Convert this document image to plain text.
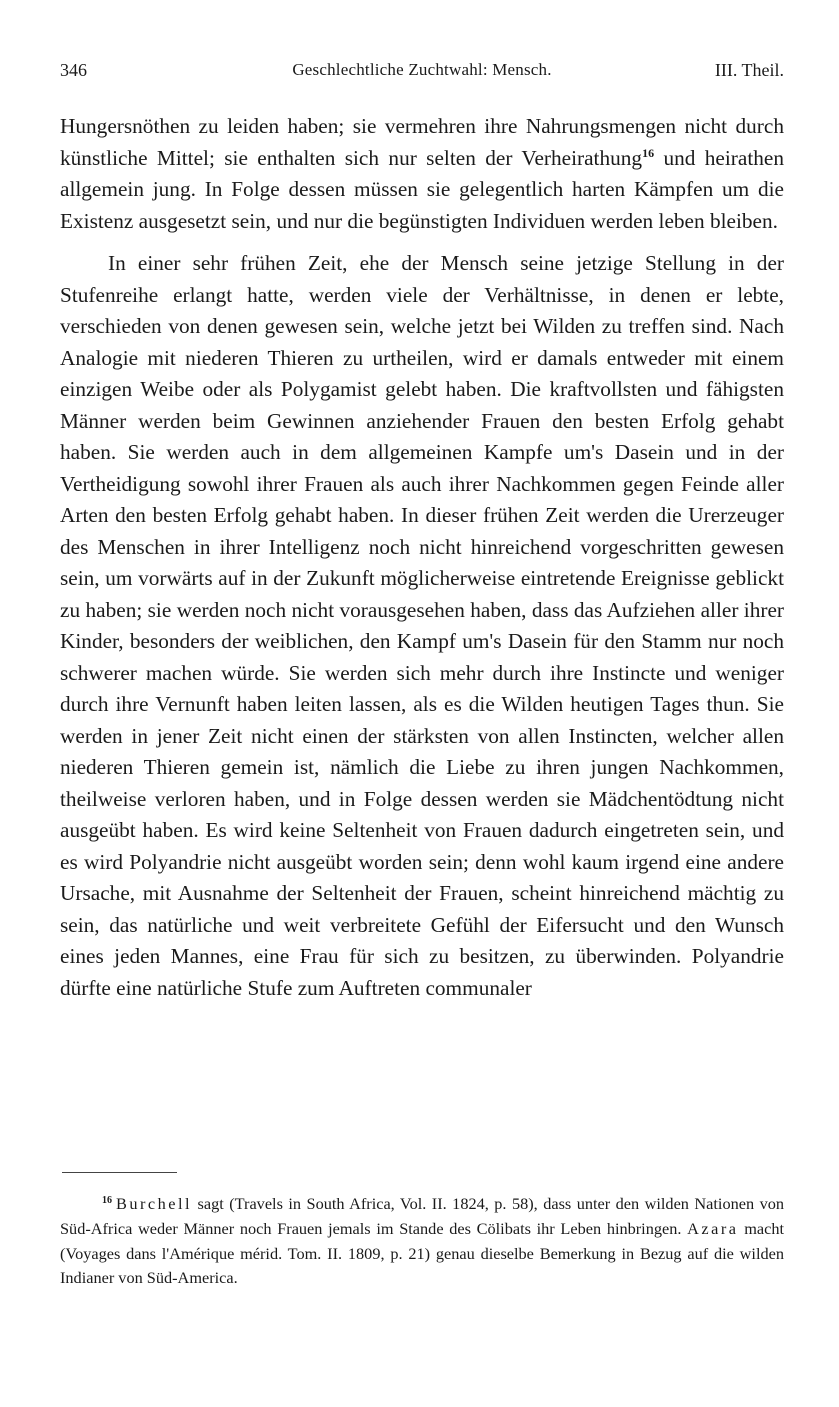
346	Geschlechtliche Zuchtwahl: Mensch.	III. Theil.

Hungersnöthen zu leiden haben; sie vermehren ihre Nahrungsmengen nicht durch künstliche Mittel; sie enthalten sich nur selten der Verheirathung$^{16}$ und heirathen allgemein jung. In Folge dessen müssen sie gelegentlich harten Kämpfen um die Existenz ausgesetzt sein, und nur die begünstigten Individuen werden leben bleiben.

In einer sehr frühen Zeit, ehe der Mensch seine jetzige Stellung in der Stufenreihe erlangt hatte, werden viele der Verhältnisse, in denen er lebte, verschieden von denen gewesen sein, welche jetzt bei Wilden zu treffen sind. Nach Analogie mit niederen Thieren zu urtheilen, wird er damals entweder mit einem einzigen Weibe oder als Polygamist gelebt haben. Die kraftvollsten und fähigsten Männer werden beim Gewinnen anziehender Frauen den besten Erfolg gehabt haben. Sie werden auch in dem allgemeinen Kampfe um's Dasein und in der Vertheidigung sowohl ihrer Frauen als auch ihrer Nachkommen gegen Feinde aller Arten den besten Erfolg gehabt haben. In dieser frühen Zeit werden die Urerzeuger des Menschen in ihrer Intelligenz noch nicht hinreichend vorgeschritten gewesen sein, um vorwärts auf in der Zukunft möglicherweise eintretende Ereignisse geblickt zu haben; sie werden noch nicht vorausgesehen haben, dass das Aufziehen aller ihrer Kinder, besonders der weiblichen, den Kampf um's Dasein für den Stamm nur noch schwerer machen würde. Sie werden sich mehr durch ihre Instincte und weniger durch ihre Vernunft haben leiten lassen, als es die Wilden heutigen Tages thun. Sie werden in jener Zeit nicht einen der stärksten von allen Instincten, welcher allen niederen Thieren gemein ist, nämlich die Liebe zu ihren jungen Nachkommen, theilweise verloren haben, und in Folge dessen werden sie Mädchentödtung nicht ausgeübt haben. Es wird keine Seltenheit von Frauen dadurch eingetreten sein, und es wird Polyandrie nicht ausgeübt worden sein; denn wohl kaum irgend eine andere Ursache, mit Ausnahme der Seltenheit der Frauen, scheint hinreichend mächtig zu sein, das natürliche und weit verbreitete Gefühl der Eifersucht und den Wunsch eines jeden Mannes, eine Frau für sich zu besitzen, zu überwinden. Polyandrie dürfte eine natürliche Stufe zum Auftreten communaler

$^{16}$ Burchell sagt (Travels in South Africa, Vol. II. 1824, p. 58), dass unter den wilden Nationen von Süd-Africa weder Männer noch Frauen jemals im Stande des Cölibats ihr Leben hinbringen. Azara macht (Voyages dans l'Amérique mérid. Tom. II. 1809, p. 21) genau dieselbe Bemerkung in Bezug auf die wilden Indianer von Süd-America.
